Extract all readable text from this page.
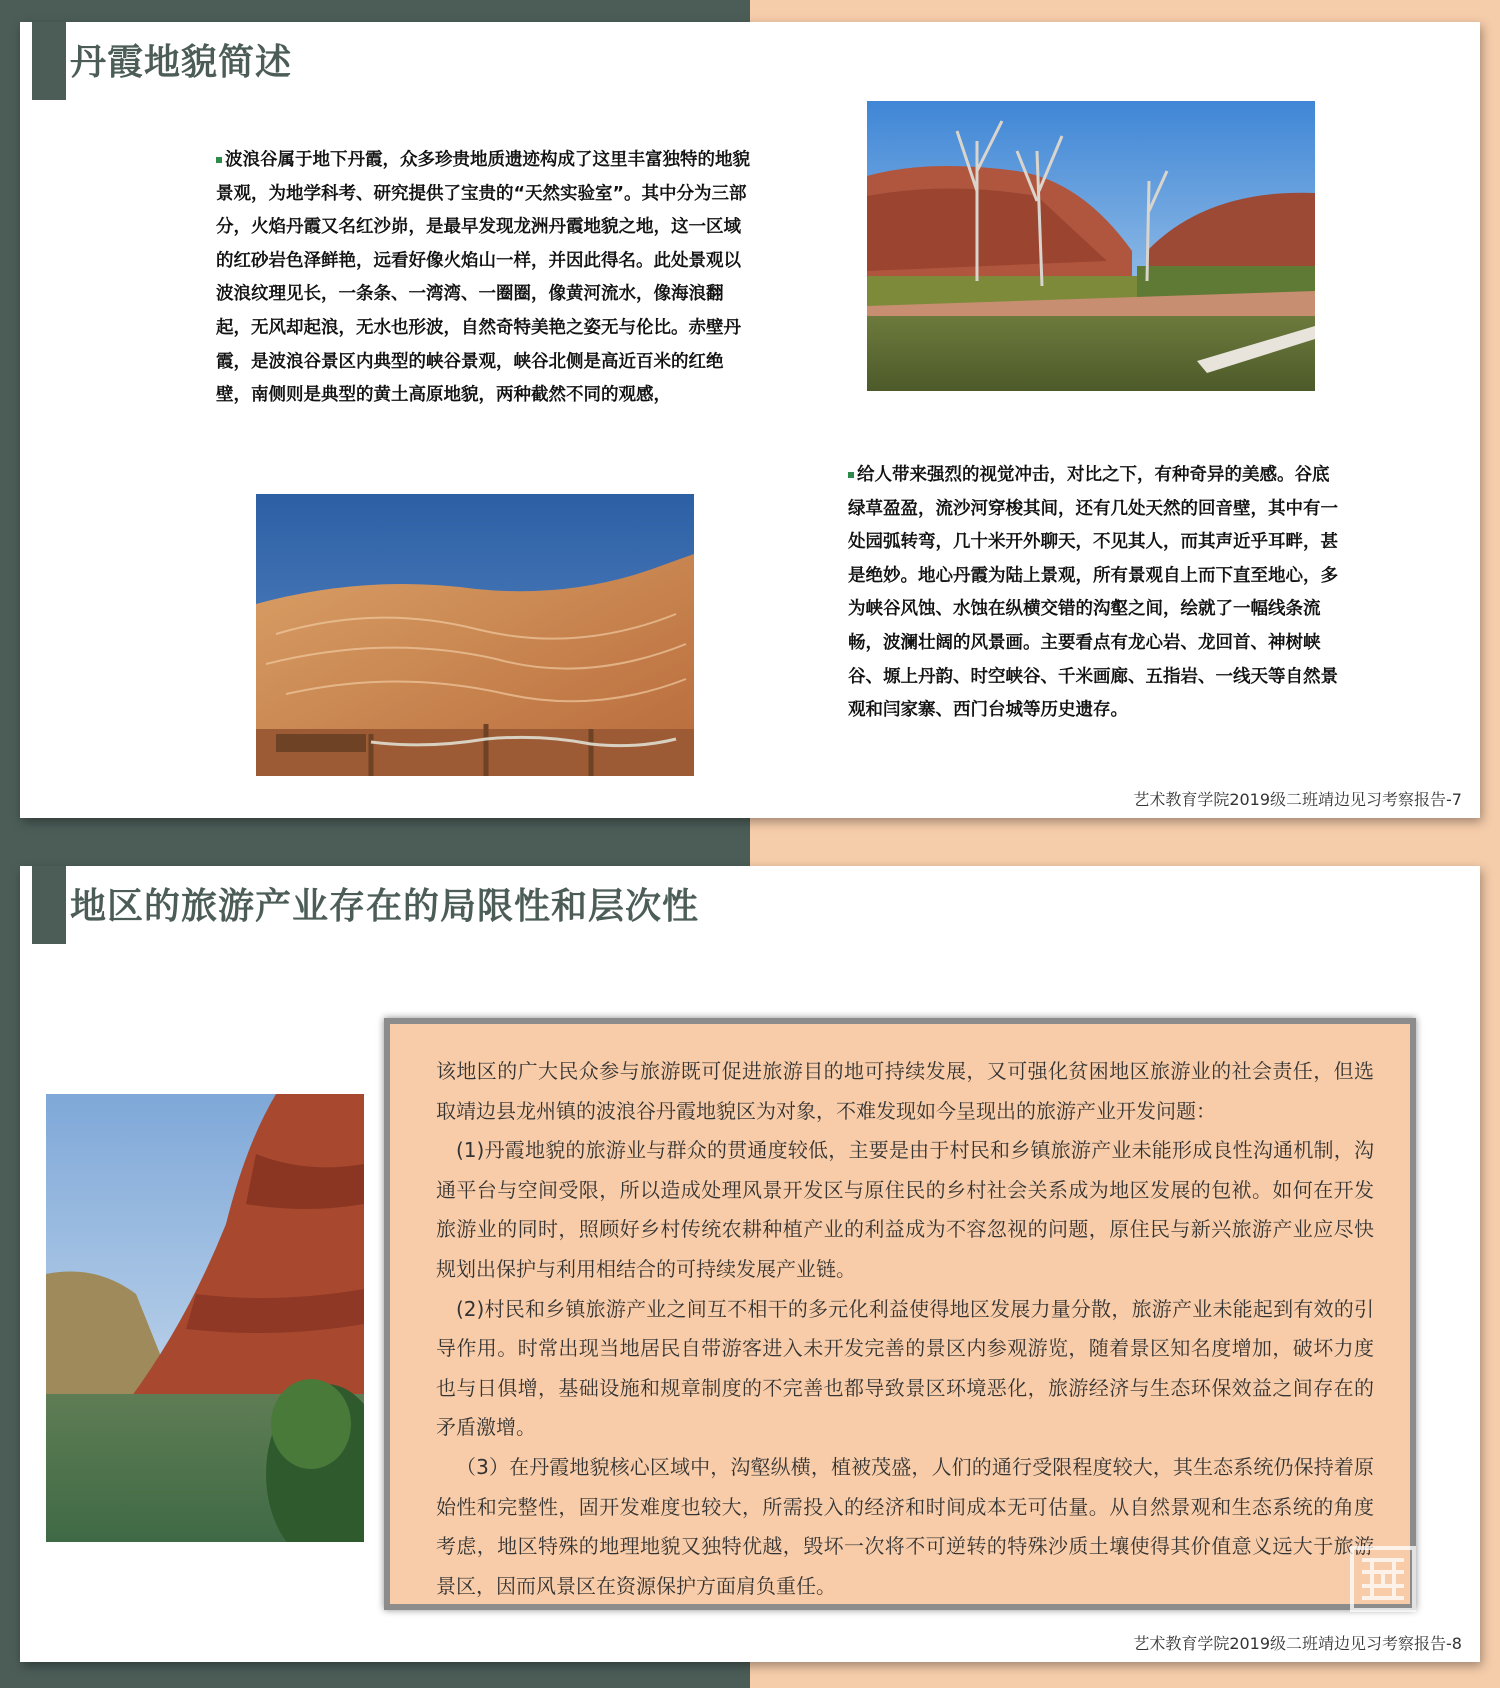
丹霞地貌简述

波浪谷属于地下丹霞，众多珍贵地质遗迹构成了这里丰富独特的地貌景观，为地学科考、研究提供了宝贵的“天然实验室”。其中分为三部分，火焰丹霞又名红沙峁，是最早发现龙洲丹霞地貌之地，这一区域的红砂岩色泽鲜艳，远看好像火焰山一样，并因此得名。此处景观以波浪纹理见长，一条条、一湾湾、一圈圈，像黄河流水，像海浪翻起，无风却起浪，无水也形波，自然奇特美艳之姿无与伦比。赤壁丹霞，是波浪谷景区内典型的峡谷景观，峡谷北侧是高近百米的红绝壁，南侧则是典型的黄土高原地貌，两种截然不同的观感，

给人带来强烈的视觉冲击，对比之下，有种奇异的美感。谷底绿草盈盈，流沙河穿梭其间，还有几处天然的回音壁，其中有一处园弧转弯，几十米开外聊天，不见其人，而其声近乎耳畔，甚是绝妙。地心丹霞为陆上景观，所有景观自上而下直至地心，多为峡谷风蚀、水蚀在纵横交错的沟壑之间，绘就了一幅线条流畅，波澜壮阔的风景画。主要看点有龙心岩、龙回首、神树峡谷、塬上丹韵、时空峡谷、千米画廊、五指岩、一线天等自然景观和闫家寨、西门台城等历史遗存。

艺术教育学院2019级二班靖边见习考察报告-7

地区的旅游产业存在的局限性和层次性

该地区的广大民众参与旅游既可促进旅游目的地可持续发展，又可强化贫困地区旅游业的社会责任，但选取靖边县龙州镇的波浪谷丹霞地貌区为对象，不难发现如今呈现出的旅游产业开发问题：

(1)丹霞地貌的旅游业与群众的贯通度较低，主要是由于村民和乡镇旅游产业未能形成良性沟通机制，沟通平台与空间受限，所以造成处理风景开发区与原住民的乡村社会关系成为地区发展的包袱。如何在开发旅游业的同时，照顾好乡村传统农耕种植产业的利益成为不容忽视的问题，原住民与新兴旅游产业应尽快规划出保护与利用相结合的可持续发展产业链。

(2)村民和乡镇旅游产业之间互不相干的多元化利益使得地区发展力量分散，旅游产业未能起到有效的引导作用。时常出现当地居民自带游客进入未开发完善的景区内参观游览，随着景区知名度增加，破坏力度也与日俱增，基础设施和规章制度的不完善也都导致景区环境恶化，旅游经济与生态环保效益之间存在的矛盾激增。

（3）在丹霞地貌核心区域中，沟壑纵横，植被茂盛，人们的通行受限程度较大，其生态系统仍保持着原始性和完整性，固开发难度也较大，所需投入的经济和时间成本无可估量。从自然景观和生态系统的角度考虑，地区特殊的地理地貌又独特优越，毁坏一次将不可逆转的特殊沙质土壤使得其价值意义远大于旅游景区，因而风景区在资源保护方面肩负重任。

艺术教育学院2019级二班靖边见习考察报告-8
